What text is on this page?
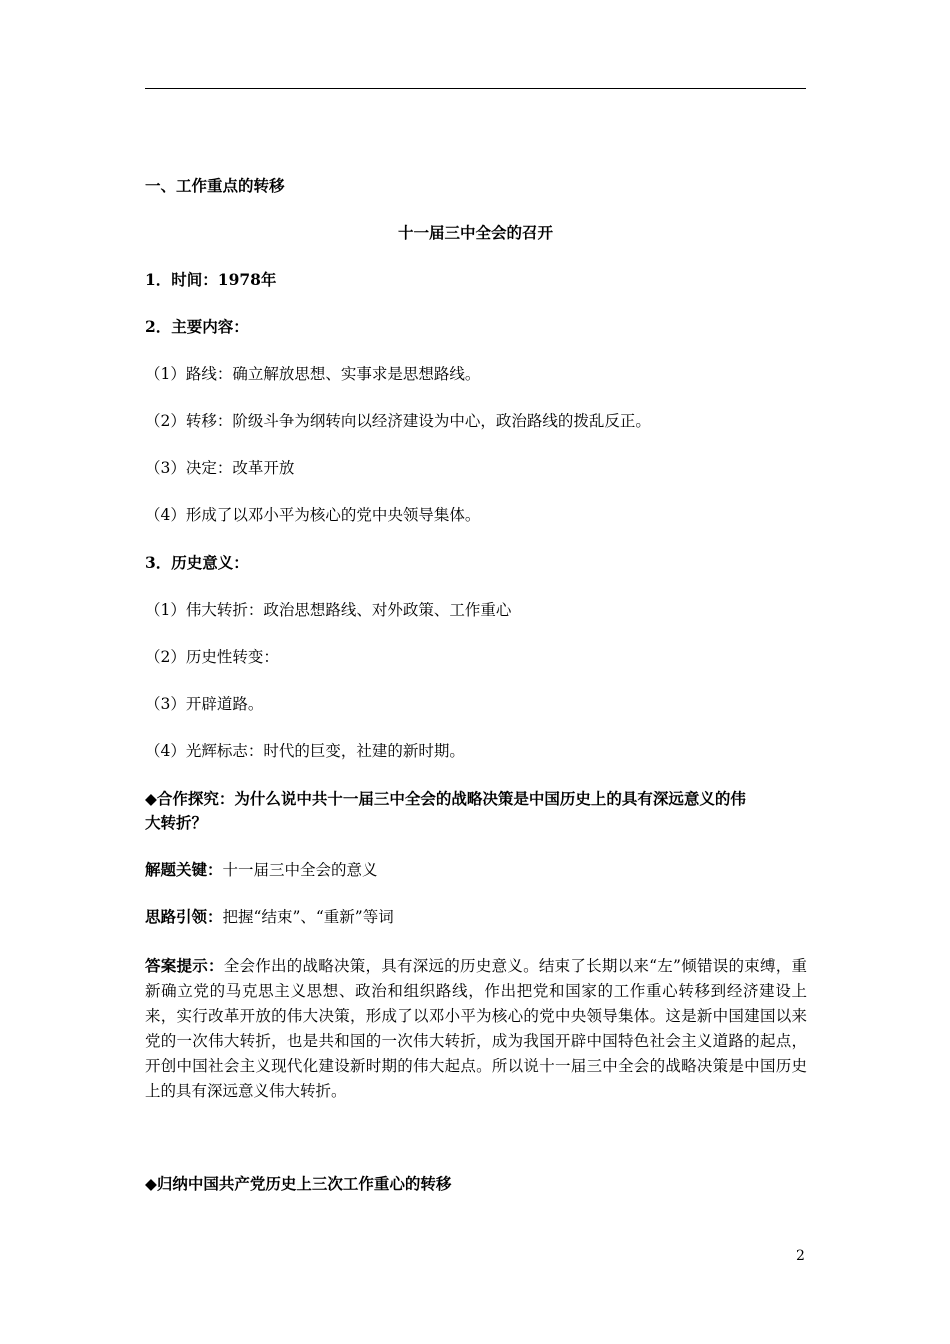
一、工作重点的转移
十一届三中全会的召开
1．时间：1978年
2．主要内容：
（1）路线：确立解放思想、实事求是思想路线。
（2）转移：阶级斗争为纲转向以经济建设为中心，政治路线的拨乱反正。
（3）决定：改革开放
（4）形成了以邓小平为核心的党中央领导集体。
3．历史意义：
（1）伟大转折：政治思想路线、对外政策、工作重心
（2）历史性转变：
（3）开辟道路。
（4）光辉标志：时代的巨变，社建的新时期。
◆合作探究：为什么说中共十一届三中全会的战略决策是中国历史上的具有深远意义的伟
大转折？
解题关键：十一届三中全会的意义
思路引领：把握“结束”、“重新”等词
答案提示：全会作出的战略决策，具有深远的历史意义。结束了长期以来“左”倾错误的束缚，重新确立党的马克思主义思想、政治和组织路线，作出把党和国家的工作重心转移到经济建设上来，实行改革开放的伟大决策，形成了以邓小平为核心的党中央领导集体。这是新中国建国以来党的一次伟大转折，也是共和国的一次伟大转折，成为我国开辟中国特色社会主义道路的起点，开创中国社会主义现代化建设新时期的伟大起点。所以说十一届三中全会的战略决策是中国历史上的具有深远意义伟大转折。
◆归纳中国共产党历史上三次工作重心的转移
2
